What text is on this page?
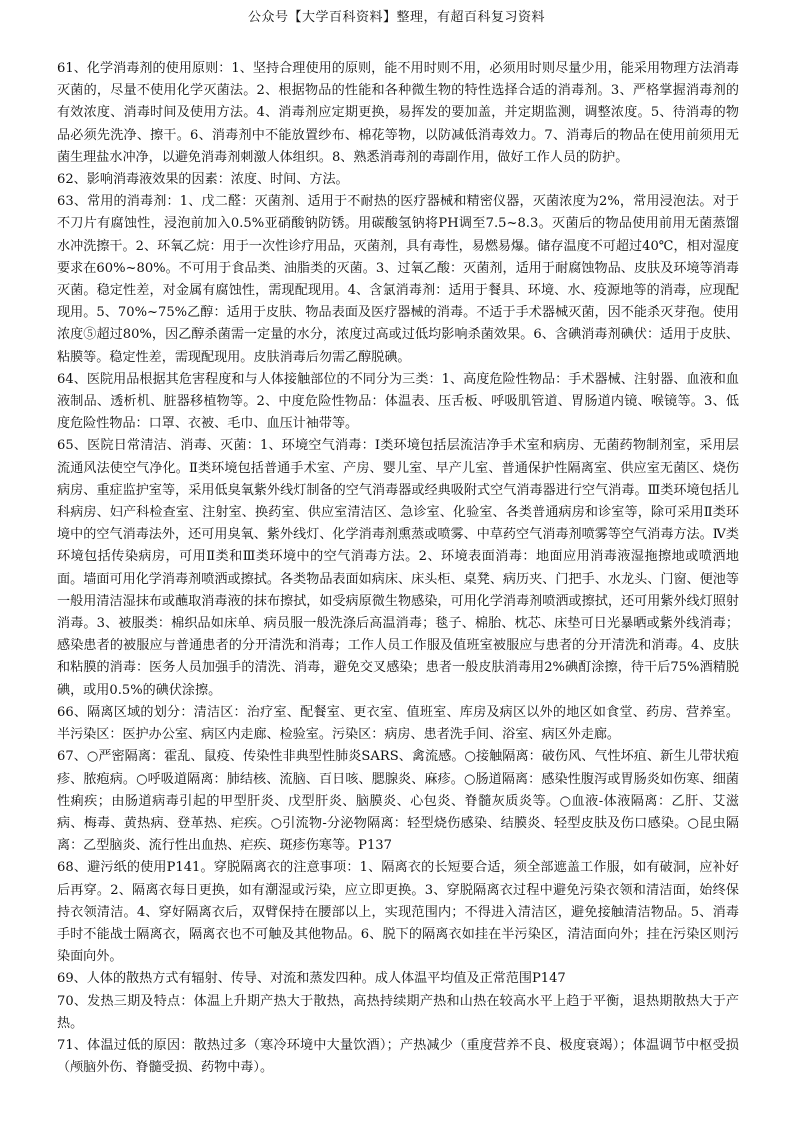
公众号【大学百科资料】整理，有超百科复习资料

61、化学消毒剂的使用原则：1、坚持合理使用的原则，能不用时则不用，必须用时则尽量少用，能采用物理方法消毒灭菌的，尽量不使用化学灭菌法。2、根据物品的性能和各种微生物的特性选择合适的消毒剂。3、严格掌握消毒剂的有效浓度、消毒时间及使用方法。4、消毒剂应定期更换，易挥发的要加盖，并定期监测，调整浓度。5、待消毒的物品必须先洗净、擦干。6、消毒剂中不能放置纱布、棉花等物，以防减低消毒效力。7、消毒后的物品在使用前须用无菌生理盐水冲净，以避免消毒剂刺激人体组织。8、熟悉消毒剂的毒副作用，做好工作人员的防护。

62、影响消毒液效果的因素：浓度、时间、方法。

63、常用的消毒剂：1、戊二醛：灭菌剂、适用于不耐热的医疗器械和精密仪器，灭菌浓度为2%，常用浸泡法。对于不刀片有腐蚀性，浸泡前加入0.5%亚硝酸钠防锈。用碳酸氢钠将PH调至7.5~8.3。灭菌后的物品使用前用无菌蒸馏水冲洗擦干。2、环氧乙烷：用于一次性诊疗用品，灭菌剂，具有毒性，易燃易爆。储存温度不可超过40℃，相对湿度要求在60%~80%。不可用于食品类、油脂类的灭菌。3、过氧乙酸：灭菌剂，适用于耐腐蚀物品、皮肤及环境等消毒灭菌。稳定性差，对金属有腐蚀性，需现配现用。4、含氯消毒剂：适用于餐具、环境、水、疫源地等的消毒，应现配现用。5、70%~75%乙醇：适用于皮肤、物品表面及医疗器械的消毒。不适于手术器械灭菌，因不能杀灭芽孢。使用浓度⑤超过80%，因乙醇杀菌需一定量的水分，浓度过高或过低均影响杀菌效果。6、含碘消毒剂碘伏：适用于皮肤、粘膜等。稳定性差，需现配现用。皮肤消毒后勿需乙醇脱碘。

64、医院用品根据其危害程度和与人体接触部位的不同分为三类：1、高度危险性物品：手术器械、注射器、血液和血液制品、透析机、脏器移植物等。2、中度危险性物品：体温表、压舌板、呼吸肌管道、胃肠道内镜、喉镜等。3、低度危险性物品：口罩、衣被、毛巾、血压计袖带等。

65、医院日常清洁、消毒、灭菌：1、环境空气消毒：Ⅰ类环境包括层流洁净手术室和病房、无菌药物制剂室，采用层流通风法使空气净化。Ⅱ类环境包括普通手术室、产房、婴儿室、早产儿室、普通保护性隔离室、供应室无菌区、烧伤病房、重症监护室等，采用低臭氧紫外线灯制备的空气消毒器或经典吸附式空气消毒器进行空气消毒。Ⅲ类环境包括儿科病房、妇产科检查室、注射室、换药室、供应室清洁区、急诊室、化验室、各类普通病房和诊室等，除可采用Ⅱ类环境中的空气消毒法外，还可用臭氧、紫外线灯、化学消毒剂熏蒸或喷雾、中草药空气消毒剂喷雾等空气消毒方法。Ⅳ类环境包括传染病房，可用Ⅱ类和Ⅲ类环境中的空气消毒方法。2、环境表面消毒：地面应用消毒液湿拖擦地或喷洒地面。墙面可用化学消毒剂喷洒或擦拭。各类物品表面如病床、床头柜、桌凳、病历夹、门把手、水龙头、门窗、便池等一般用清洁湿抹布或蘸取消毒液的抹布擦拭，如受病原微生物感染，可用化学消毒剂喷洒或擦拭，还可用紫外线灯照射消毒。3、被服类：棉织品如床单、病员服一般洗涤后高温消毒；毯子、棉胎、枕芯、床垫可日光暴晒或紫外线消毒；感染患者的被服应与普通患者的分开清洗和消毒；工作人员工作服及值班室被服应与患者的分开清洗和消毒。4、皮肤和粘膜的消毒：医务人员加强手的清洗、消毒，避免交叉感染；患者一般皮肤消毒用2%碘酊涂擦，待干后75%酒精脱碘，或用0.5%的碘伏涂擦。

66、隔离区域的划分：清洁区：治疗室、配餐室、更衣室、值班室、库房及病区以外的地区如食堂、药房、营养室。半污染区：医护办公室、病区内走廊、检验室。污染区：病房、患者洗手间、浴室、病区外走廊。

67、○严密隔离：霍乱、鼠疫、传染性非典型性肺炎SARS、禽流感。○接触隔离：破伤风、气性坏疽、新生儿带状疱疹、脓疱病。○呼吸道隔离：肺结核、流脑、百日咳、腮腺炎、麻疹。○肠道隔离：感染性腹泻或胃肠炎如伤寒、细菌性痢疾；由肠道病毒引起的甲型肝炎、戊型肝炎、脑膜炎、心包炎、脊髓灰质炎等。○血液-体液隔离：乙肝、艾滋病、梅毒、黄热病、登革热、疟疾。○引流物-分泌物隔离：轻型烧伤感染、结膜炎、轻型皮肤及伤口感染。○昆虫隔离：乙型脑炎、流行性出血热、疟疾、斑疹伤寒等。P137

68、避污纸的使用P141。穿脱隔离衣的注意事项：1、隔离衣的长短要合适，须全部遮盖工作服，如有破洞，应补好后再穿。2、隔离衣每日更换，如有潮湿或污染，应立即更换。3、穿脱隔离衣过程中避免污染衣领和清洁面，始终保持衣领清洁。4、穿好隔离衣后，双臂保持在腰部以上，实现范围内；不得进入清洁区，避免接触清洁物品。5、消毒手时不能战士隔离衣，隔离衣也不可触及其他物品。6、脱下的隔离衣如挂在半污染区，清洁面向外；挂在污染区则污染面向外。

69、人体的散热方式有辐射、传导、对流和蒸发四种。成人体温平均值及正常范围P147

70、发热三期及特点：体温上升期产热大于散热，高热持续期产热和山热在较高水平上趋于平衡，退热期散热大于产热。

71、体温过低的原因：散热过多（寒冷环境中大量饮酒）；产热减少（重度营养不良、极度衰竭）；体温调节中枢受损（颅脑外伤、脊髓受损、药物中毒）。
